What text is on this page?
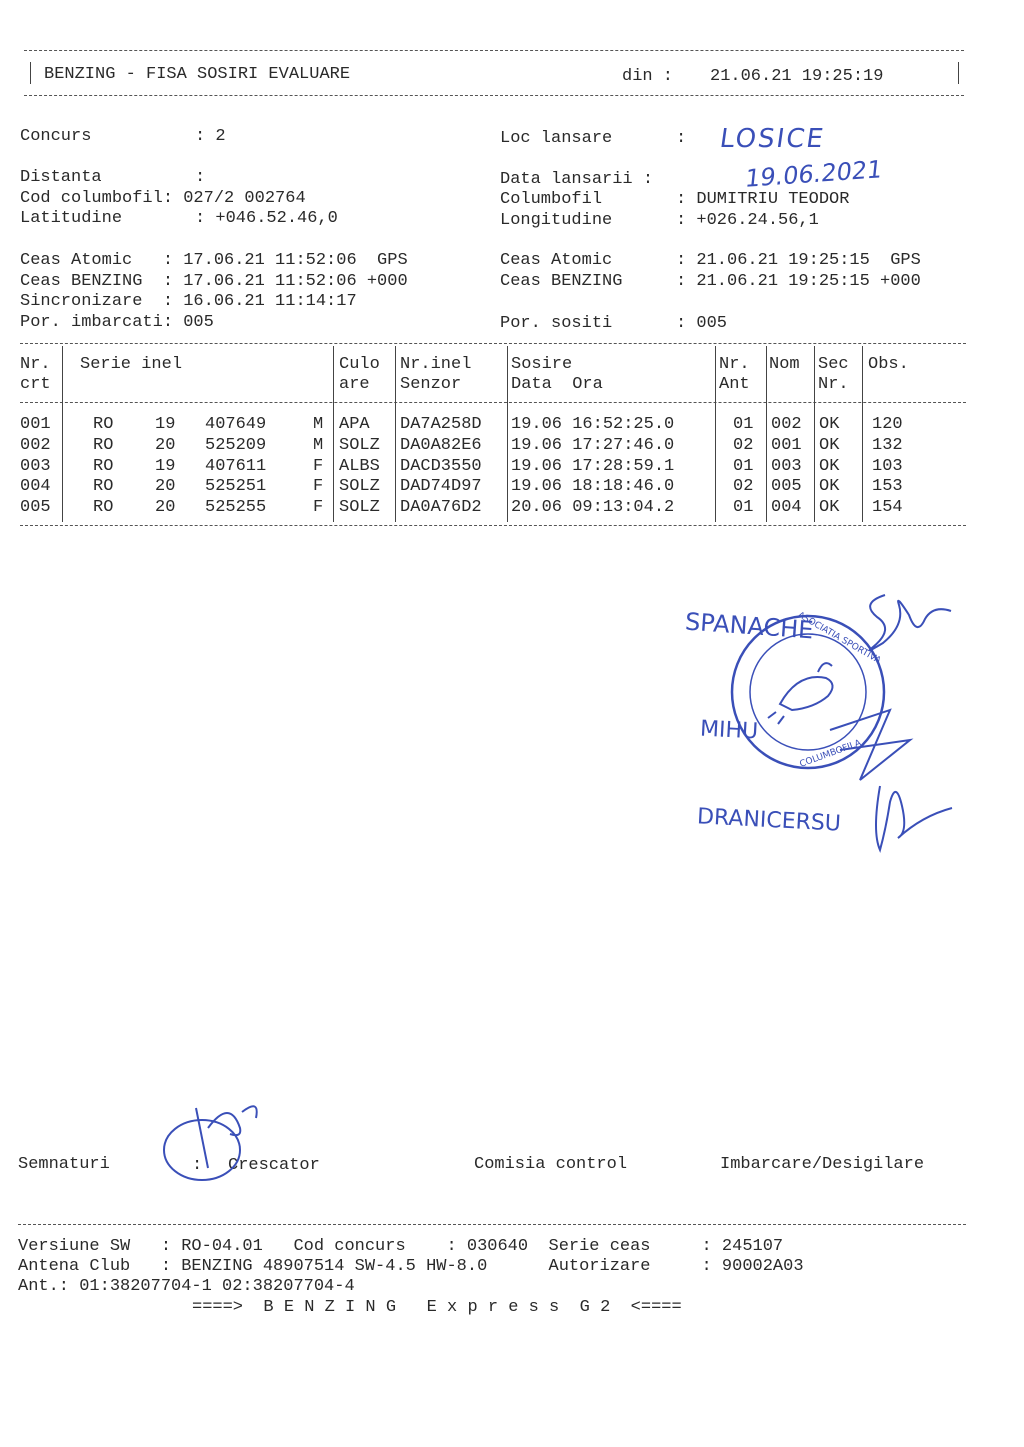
BENZING - FISA SOSIRI EVALUARE	din : 21.06.21 19:25:19
Concurs	: 2	Loc lansare	: LOSICE
Distanta	:	Data lansarii :	19.06.2021
Cod columbofil: 027/2 002764	Columbofil	: DUMITRIU TEODOR
Latitudine	: +046.52.46,0	Longitudine	: +026.24.56,1
Ceas Atomic   : 17.06.21 11:52:06  GPS	Ceas Atomic	: 21.06.21 19:25:15  GPS
Ceas BENZING  : 17.06.21 11:52:06 +000	Ceas BENZING	: 21.06.21 19:25:15 +000
Sincronizare  : 16.06.21 11:14:17
Por. imbarcati: 005	Por. sositi	: 005
SPANACHE
MIHU
DRANICERSU
ASOCIATIA SPORTIVA
COLUMBOFILA
Semnaturi	: Crescator	Comisia control	Imbarcare/Desigilare
Versiune SW   : RO-04.01   Cod concurs    : 030640  Serie ceas     : 245107
Antena Club   : BENZING 48907514 SW-4.5 HW-8.0      Autorizare     : 90002A03
Ant.: 01:38207704-1 02:38207704-4
====>  B E N Z I N G   E x p r e s s  G 2  <====
Nr. Serie inel	Culo Nr.inel Sosire	Nr. Nom Sec Obs.
crt	are Senzor	Data  Ora	Ant	Nr.
001 RO 19 407649	M APA DA7A258D 19.06 16:52:25.0	01 002 OK 120
002 RO 20 525209	M SOLZ DA0A82E6 19.06 17:27:46.0	02 001 OK 132
003 RO 19 407611	F ALBS DACD3550 19.06 17:28:59.1	01 003 OK 103
004 RO 20 525251	F SOLZ DAD74D97 19.06 18:18:46.0	02 005 OK 153
005 RO 20 525255	F SOLZ DA0A76D2 20.06 09:13:04.2	01 004 OK 154
